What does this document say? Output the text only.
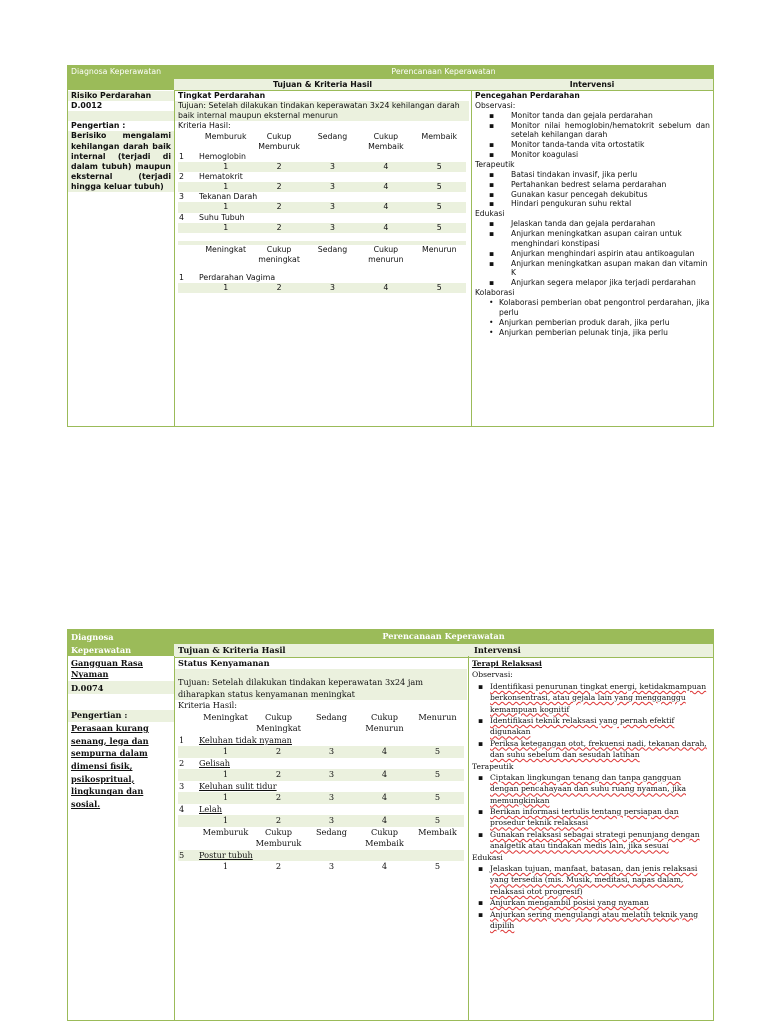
Diagnosa Keperawatan	Perencanaan Keperawatan
Tujuan & Kriteria Hasil	Intervensi
Risiko Perdarahan
D.0012
Pengertian :
Berisiko mengalami kehilangan darah baik internal (terjadi di dalam tubuh) maupun eksternal (terjadi hingga keluar tubuh)
Tingkat Perdarahan
Tujuan: Setelah dilakukan tindakan keperawatan 3x24 kehilangan darah baik internal maupun eksternal menurun
Kriteria Hasil:
	Memburuk	Cukup Memburuk	Sedang	Cukup Membaik	Membaik
1	Hemoglobin				
	1	2	3	4	5
2	Hematokrit				
	1	2	3	4	5
3	Tekanan Darah				
	1	2	3	4	5
4	Suhu Tubuh				
	1	2	3	4	5

	Meningkat	Cukup meningkat	Sedang	Cukup menurun	Menurun

1	Perdarahan Vagima				
	1	2	3	4	5
Pencegahan Perdarahan
Observasi:
▪ Monitor tanda dan gejala perdarahan
▪ Monitor nilai hemoglobin/hematokrit sebelum dan setelah kehilangan darah
▪ Monitor tanda-tanda vita ortostatik
▪ Monitor koagulasi
Terapeutik
▪ Batasi tindakan invasif, jika perlu
▪ Pertahankan bedrest selama perdarahan
▪ Gunakan kasur pencegah dekubitus
▪ Hindari pengukuran suhu rektal
Edukasi
▪ Jelaskan tanda dan gejala perdarahan
▪ Anjurkan meningkatkan asupan cairan untuk menghindari konstipasi
▪ Anjurkan menghindari aspirin atau antikoagulan
▪ Anjurkan meningkatkan asupan makan dan vitamin K
▪ Anjurkan segera melapor jika terjadi perdarahan
Kolaborasi
• Kolaborasi pemberian obat pengontrol perdarahan, jika perlu
• Anjurkan pemberian produk darah, jika perlu
• Anjurkan pemberian pelunak tinja, jika perlu
Diagnosa Keperawatan
Perencanaan Keperawatan
Tujuan & Kriteria Hasil	Intervensi
Gangguan Rasa Nyaman
D.0074
Pengertian :
Perasaan kurang senang, lega dan sempurna dalam dimensi fisik, psikospritual, lingkungan dan sosial.
Status Kenyamanan
Tujuan: Setelah dilakukan tindakan keperawatan 3x24 jam diharapkan status kenyamanan meningkat
Kriteria Hasil:
	Meningkat	Cukup Meningkat	Sedang	Cukup Menurun	Menurun
1	Keluhan tidak nyaman				
	1	2	3	4	5
2	Gelisah				
	1	2	3	4	5
3	Keluhan sulit tidur				
	1	2	3	4	5
4	Lelah				
	1	2	3	4	5
	Memburuk	Cukup Memburuk	Sedang	Cukup Membaik	Membaik
5	Postur tubuh				
	1	2	3	4	5
Terapi Relaksasi
Observasi:
▪ Identifikasi penurunan tingkat energi, ketidakmampuan berkonsentrasi, atau gejala lain yang mengganggu kemampuan kognitif
▪ Identifikasi teknik relaksasi yang pernah efektif digunakan
▪ Periksa ketegangan otot, frekuensi nadi, tekanan darah, dan suhu sebelum dan sesudah latihan
Terapeutik
▪ Ciptakan lingkungan tenang dan tanpa gangguan dengan pencahayaan dan suhu ruang nyaman, jika memungkinkan
▪ Berikan informasi tertulis tentang persiapan dan prosedur teknik relaksasi
▪ Gunakan relaksasi sebagai strategi penunjang dengan analgetik atau tindakan medis lain, jika sesuai
Edukasi
▪ Jelaskan tujuan, manfaat, batasan, dan jenis relaksasi yang tersedia (mis. Musik, meditasi, napas dalam, relaksasi otot progresif)
▪ Anjurkan mengambil posisi yang nyaman
▪ Anjurkan sering mengulangi atau melatih teknik yang dipilih
